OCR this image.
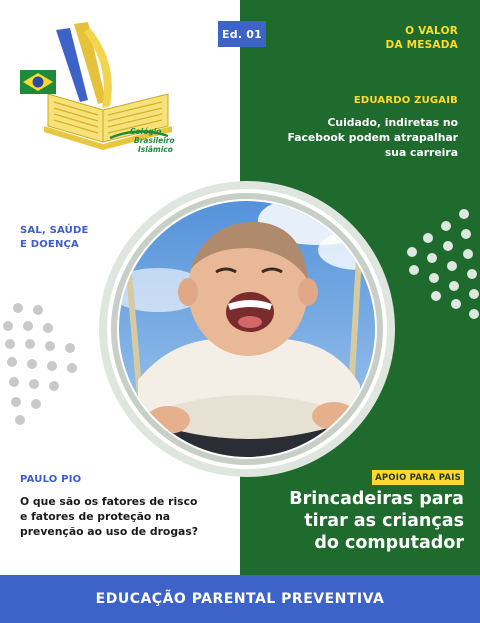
Colégio
Brasileiro
Islâmico
Ed. 01	O VALOR
DA MESADA
EDUARDO ZUGAIB
Cuidado, indiretas no Facebook podem atrapalhar sua carreira
SAL, SAÚDE
E DOENÇA
PAULO PIO
O que são os fatores de risco e fatores de proteção na prevenção ao uso de drogas?
APOIO PARA PAIS
Brincadeiras para
tirar as crianças
do computador
EDUCAÇÃO PARENTAL PREVENTIVA
